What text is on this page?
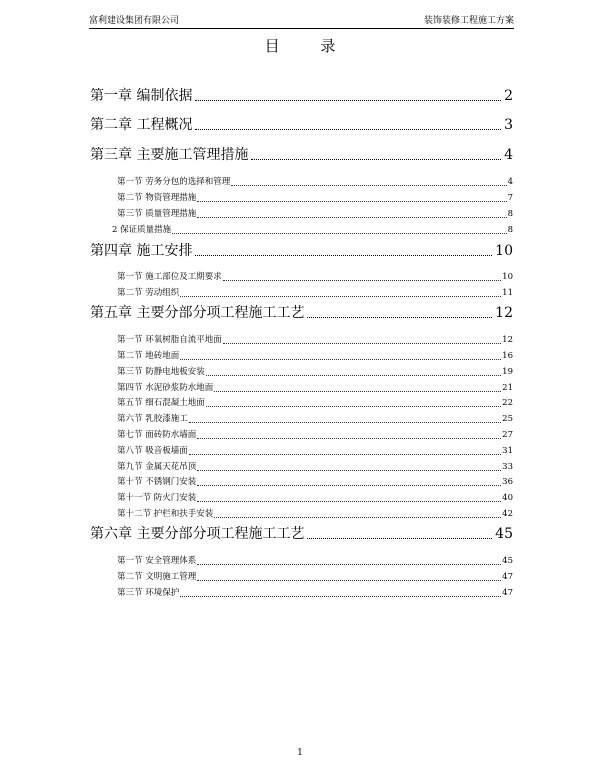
富利建设集团有限公司	装饰装修工程施工方案
目 录
第一章 编制依据	2
第二章 工程概况	3
第三章 主要施工管理措施	4
第一节 劳务分包的选择和管理	4
第二节 物资管理措施	7
第三节 质量管理措施	8
2 保证质量措施	8
第四章 施工安排	10
第一节 施工部位及工期要求	10
第二节 劳动组织	11
第五章 主要分部分项工程施工工艺	12
第一节 环氧树脂自流平地面	12
第二节 地砖地面	16
第三节 防静电地板安装	19
第四节 水泥砂浆防水地面	21
第五节 细石混凝土地面	22
第六节 乳胶漆施工	25
第七节 面砖防水墙面	27
第八节 吸音板墙面	31
第九节 金属天花吊顶	33
第十节 不锈钢门安装	36
第十一节 防火门安装	40
第十二节 护栏和扶手安装	42
第六章 主要分部分项工程施工工艺	45
第一节 安全管理体系	45
第二节 文明施工管理	47
第三节 环境保护	47
1
